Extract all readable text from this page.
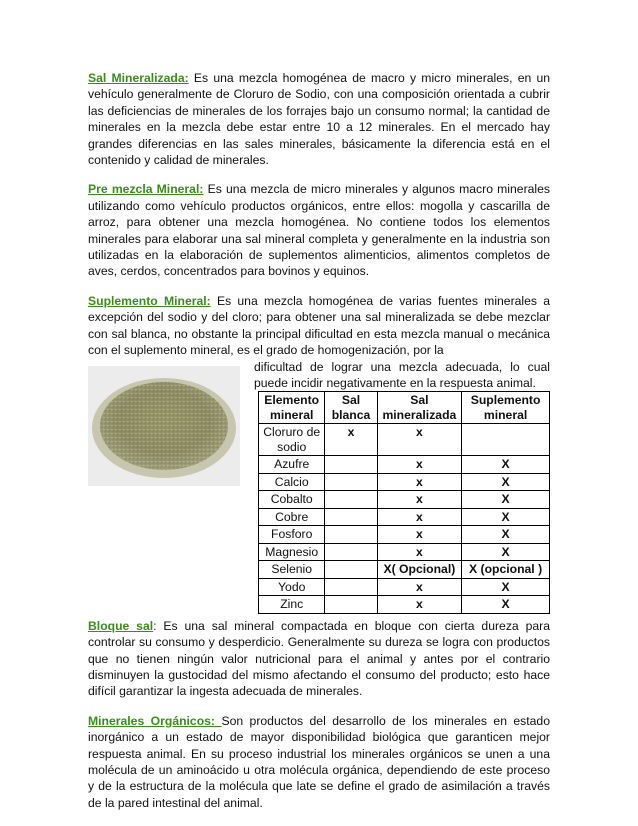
Sal Mineralizada: Es una mezcla homogénea de macro y micro minerales, en un vehículo generalmente de Cloruro de Sodio, con una composición orientada a cubrir las deficiencias de minerales de los forrajes bajo un consumo normal; la cantidad de minerales en la mezcla debe estar entre 10 a 12 minerales. En el mercado hay grandes diferencias en las sales minerales, básicamente la diferencia está en el contenido y calidad de minerales.

Pre mezcla Mineral: Es una mezcla de micro minerales y algunos macro minerales utilizando como vehículo productos orgánicos, entre ellos: mogolla y cascarilla de arroz, para obtener una mezcla homogénea. No contiene todos los elementos minerales para elaborar una sal mineral completa y generalmente en la industria son utilizadas en la elaboración de suplementos alimenticios, alimentos completos de aves, cerdos, concentrados para bovinos y equinos.

Suplemento Mineral: Es una mezcla homogénea de varias fuentes minerales a excepción del sodio y del cloro; para obtener una sal mineralizada se debe mezclar con sal blanca, no obstante la principal dificultad en esta mezcla manual o mecánica con el suplemento mineral, es el grado de homogenización, por la

dificultad de lograr una mezcla adecuada, lo cual puede incidir negativamente en la respuesta animal.

Elemento mineral	Sal blanca	Sal mineralizada	Suplemento mineral
Cloruro de sodio	x	x	
Azufre		x	X
Calcio		x	X
Cobalto		x	X
Cobre		x	X
Fosforo		x	X
Magnesio		x	X
Selenio		X( Opcional)	X (opcional )
Yodo		x	X
Zinc		x	X

Bloque sal: Es una sal mineral compactada en bloque con cierta dureza para controlar su consumo y desperdicio. Generalmente su dureza se logra con productos que no tienen ningún valor nutricional para el animal y antes por el contrario disminuyen la gustocidad del mismo afectando el consumo del producto; esto hace difícil garantizar la ingesta adecuada de minerales.

Minerales Orgánicos: Son productos del desarrollo de los minerales en estado inorgánico a un estado de mayor disponibilidad biológica que garanticen mejor respuesta animal. En su proceso industrial los minerales orgánicos se unen a una molécula de un aminoácido u otra molécula orgánica, dependiendo de este proceso y de la estructura de la molécula que late se define el grado de asimilación a través de la pared intestinal del animal.
